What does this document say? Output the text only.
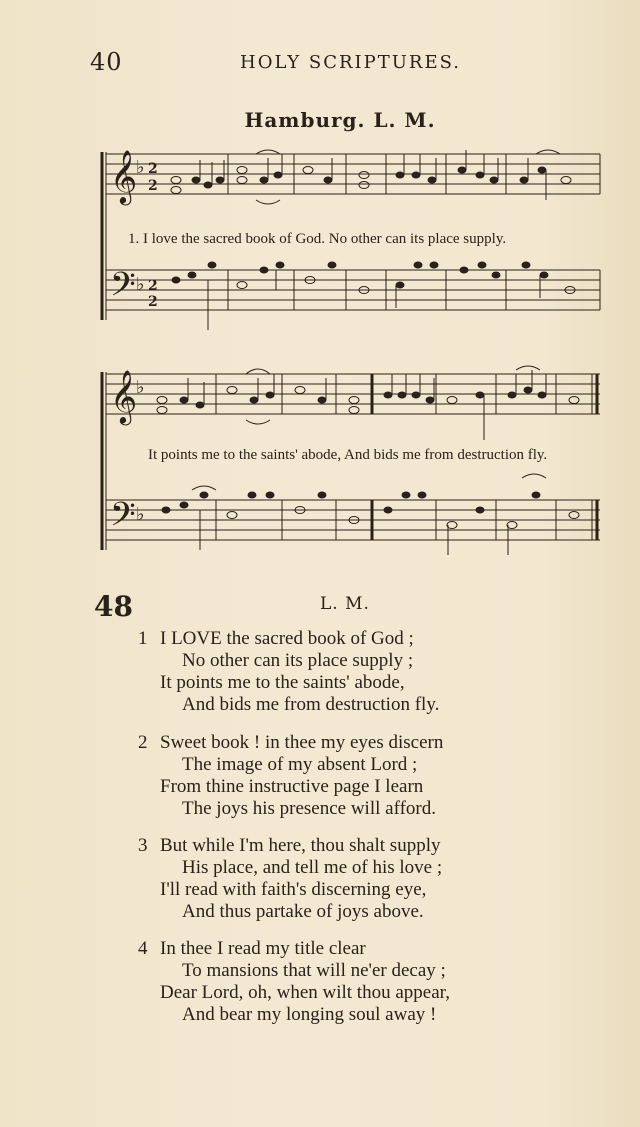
40	HOLY SCRIPTURES.
Hamburg. L. M.
𝄞
𝄢
♭
♭
2
2
2
2
1. I love the sacred book of God. No other can its place supply.
𝄞
𝄢
♭
♭
It points me to the saints' abode, And bids me from destruction fly.
48	L. M.
1 I LOVE the sacred book of God ;
No other can its place supply ;
It points me to the saints' abode,
And bids me from destruction fly.
2 Sweet book ! in thee my eyes discern
The image of my absent Lord ;
From thine instructive page I learn
The joys his presence will afford.
3 But while I'm here, thou shalt supply
His place, and tell me of his love ;
I'll read with faith's discerning eye,
And thus partake of joys above.
4 In thee I read my title clear
To mansions that will ne'er decay ;
Dear Lord, oh, when wilt thou appear,
And bear my longing soul away !
